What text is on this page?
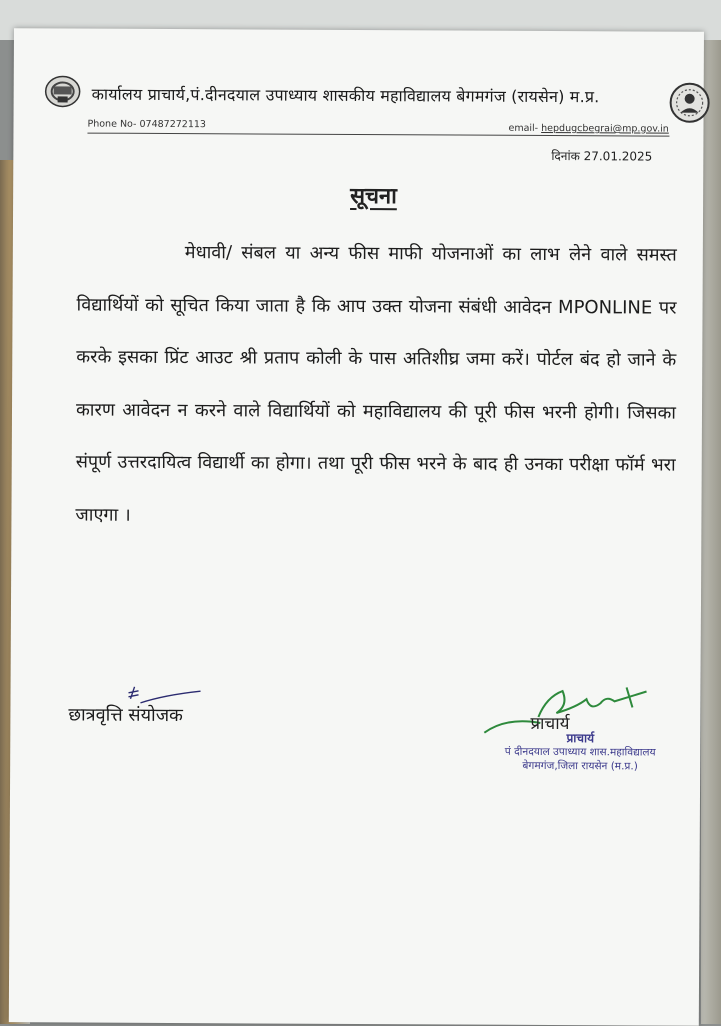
कार्यालय प्राचार्य,पं.दीनदयाल उपाध्याय शासकीय महाविद्यालय बेगमगंज (रायसेन) म.प्र.
Phone No- 07487272113	email- hepdugcbegrai@mp.gov.in
दिनांक 27.01.2025
सूचना
मेधावी/ संबल या अन्य फीस माफी योजनाओं का लाभ लेने वाले समस्त विद्यार्थियों को सूचित किया जाता है कि आप उक्त योजना संबंधी आवेदन MPONLINE पर करके इसका प्रिंट आउट श्री प्रताप कोली के पास अतिशीघ्र जमा करें। पोर्टल बंद हो जाने के कारण आवेदन न करने वाले विद्यार्थियों को महाविद्यालय की पूरी फीस भरनी होगी। जिसका संपूर्ण उत्तरदायित्व विद्यार्थी का होगा। तथा पूरी फीस भरने के बाद ही उनका परीक्षा फॉर्म भरा जाएगा ।
छात्रवृत्ति संयोजक	प्राचार्य
प्राचार्य
पं दीनदयाल उपाध्याय शास.महाविद्यालय
बेगमगंज,जिला रायसेन (म.प्र.)
